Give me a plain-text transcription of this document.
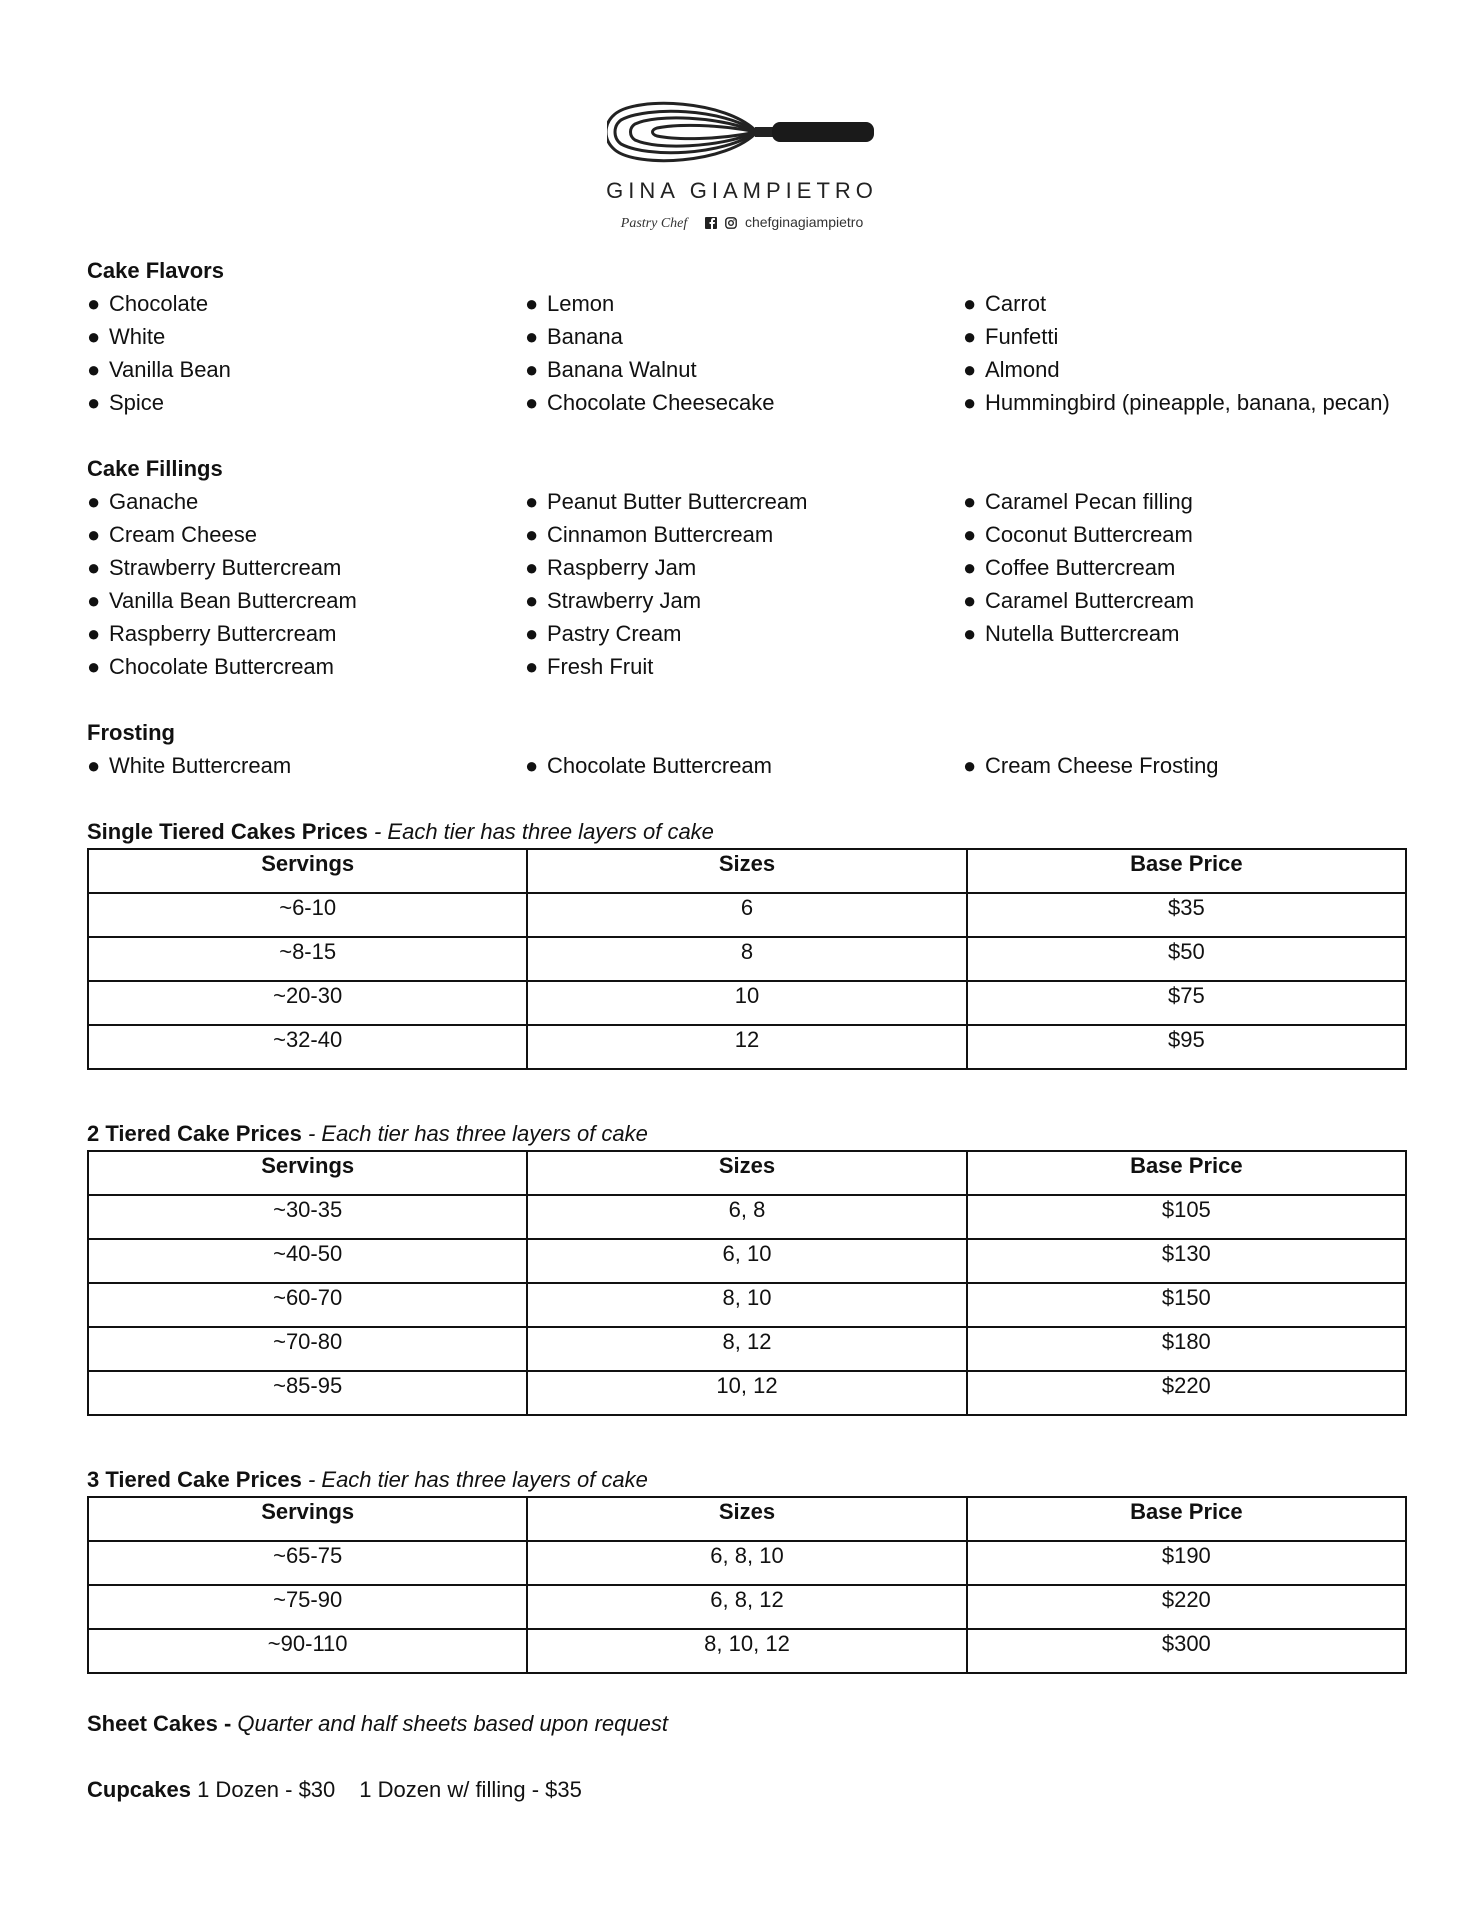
GINA GIAMPIETRO
Pastry Chef	chefginagiampietro
Cake Flavors
● Chocolate
● White
● Vanilla Bean
● Spice
● Lemon
● Banana
● Banana Walnut
● Chocolate Cheesecake
● Carrot
● Funfetti
● Almond
● Hummingbird (pineapple, banana, pecan)
Cake Fillings
● Ganache
● Cream Cheese
● Strawberry Buttercream
● Vanilla Bean Buttercream
● Raspberry Buttercream
● Chocolate Buttercream
● Peanut Butter Buttercream
● Cinnamon Buttercream
● Raspberry Jam
● Strawberry Jam
● Pastry Cream
● Fresh Fruit
● Caramel Pecan filling
● Coconut Buttercream
● Coffee Buttercream
● Caramel Buttercream
● Nutella Buttercream
Frosting
● White Buttercream	● Chocolate Buttercream	● Cream Cheese Frosting
Single Tiered Cakes Prices - Each tier has three layers of cake
Servings	Sizes	Base Price
~6-10	6	$35
~8-15	8	$50
~20-30	10	$75
~32-40	12	$95
2 Tiered Cake Prices - Each tier has three layers of cake
Servings	Sizes	Base Price
~30-35	6, 8	$105
~40-50	6, 10	$130
~60-70	8, 10	$150
~70-80	8, 12	$180
~85-95	10, 12	$220
3 Tiered Cake Prices - Each tier has three layers of cake
Servings	Sizes	Base Price
~65-75	6, 8, 10	$190
~75-90	6, 8, 12	$220
~90-110	8, 10, 12	$300
Sheet Cakes - Quarter and half sheets based upon request
Cupcakes 1 Dozen - $30 1 Dozen w/ filling - $35
